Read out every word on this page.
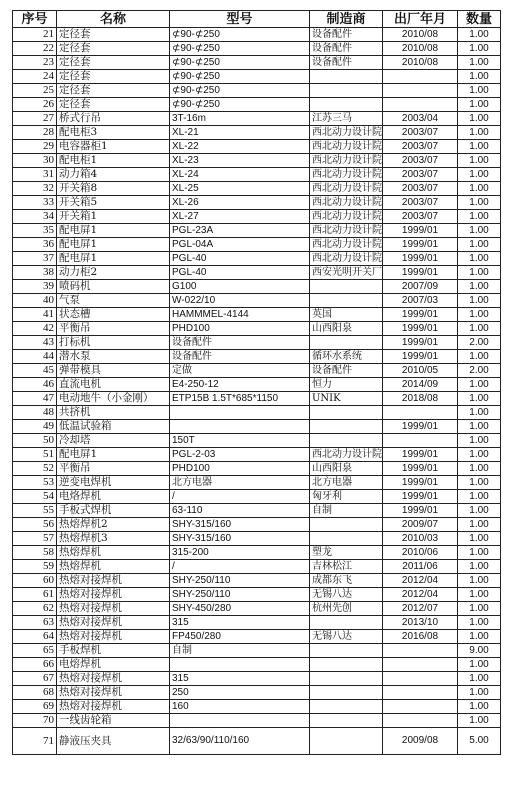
序号	名称	型号	制造商	出厂年月	数量
21	定径套	⊄90-⊄250	设备配件	2010/08	1.00
22	定径套	⊄90-⊄250	设备配件	2010/08	1.00
23	定径套	⊄90-⊄250	设备配件	2010/08	1.00
24	定径套	⊄90-⊄250			1.00
25	定径套	⊄90-⊄250			1.00
26	定径套	⊄90-⊄250			1.00
27	桥式行吊	3T-16m	江苏三马	2003/04	1.00
28	配电柜3	XL-21	西北动力设计院	2003/07	1.00
29	电容器柜1	XL-22	西北动力设计院	2003/07	1.00
30	配电柜1	XL-23	西北动力设计院	2003/07	1.00
31	动力箱4	XL-24	西北动力设计院	2003/07	1.00
32	开关箱8	XL-25	西北动力设计院	2003/07	1.00
33	开关箱5	XL-26	西北动力设计院	2003/07	1.00
34	开关箱1	XL-27	西北动力设计院	2003/07	1.00
35	配电屏1	PGL-23A	西北动力设计院	1999/01	1.00
36	配电屏1	PGL-04A	西北动力设计院	1999/01	1.00
37	配电屏1	PGL-40	西北动力设计院	1999/01	1.00
38	动力柜2	PGL-40	西安光明开关厂	1999/01	1.00
39	喷码机	G100		2007/09	1.00
40	气泵	W-022/10		2007/03	1.00
41	状态槽	HAMMMEL-4144	英国	1999/01	1.00
42	平衡吊	PHD100	山西阳泉	1999/01	1.00
43	打标机	设备配件		1999/01	2.00
44	潜水泵	设备配件	循环水系统	1999/01	1.00
45	弹带模具	定做	设备配件	2010/05	2.00
46	直流电机	E4-250-12	恒力	2014/09	1.00
47	电动地牛（小金刚）	ETP15B 1.5T*685*1150	UNIK	2018/08	1.00
48	共挤机				1.00
49	低温试验箱			1999/01	1.00
50	冷却塔	150T			1.00
51	配电屏1	PGL-2-03	西北动力设计院	1999/01	1.00
52	平衡吊	PHD100	山西阳泉	1999/01	1.00
53	逆变电焊机	北方电器	北方电器	1999/01	1.00
54	电烙焊机	/	匈牙利	1999/01	1.00
55	手板式焊机	63-110	自制	1999/01	1.00
56	热熔焊机2	SHY-315/160		2009/07	1.00
57	热熔焊机3	SHY-315/160		2010/03	1.00
58	热熔焊机	315-200	塑龙	2010/06	1.00
59	热熔焊机	/	吉林松江	2011/06	1.00
60	热熔对接焊机	SHY-250/110	成都东飞	2012/04	1.00
61	热熔对接焊机	SHY-250/110	无锡八达	2012/04	1.00
62	热熔对接焊机	SHY-450/280	杭州先创	2012/07	1.00
63	热熔对接焊机	315		2013/10	1.00
64	热熔对接焊机	FP450/280	无锡八达	2016/08	1.00
65	手板焊机	自制			9.00
66	电熔焊机				1.00
67	热熔对接焊机	315			1.00
68	热熔对接焊机	250			1.00
69	热熔对接焊机	160			1.00
70	一线齿轮箱				1.00
71	静液压夹具	32/63/90/110/160		2009/08	5.00
